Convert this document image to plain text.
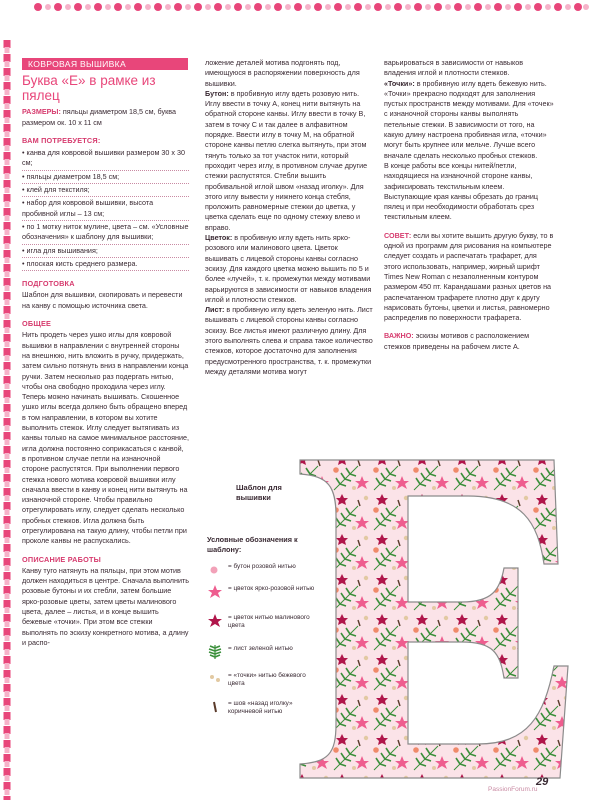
КОВРОВАЯ ВЫШИВКА
Буква «Е» в рамке из пялец
РАЗМЕРЫ: пяльцы диаметром 18,5 см, буква размером ок. 10 х 11 см
ВАМ ПОТРЕБУЕТСЯ:
• канва для ковровой вышивки размером 30 х 30 см;
• пяльцы диаметром 18,5 см;
• клей для текстиля;
• набор для ковровой вышивки, высота пробивной иглы – 13 см;
• по 1 мотку ниток мулине, цвета – см. «Условные обозначения» к шаблону для вышивки;
• игла для вышивания;
• плоская кисть среднего размера.
ПОДГОТОВКА

Шаблон для вышивки, скопировать и перевести на канву с помощью источника света.

ОБЩЕЕ

Нить продеть через ушко иглы для ковровой вышивки в направлении с внутренней стороны на внешнюю, нить вложить в ручку, придержать, затем сильно потянуть вниз в направлении конца ручки. Затем несколько раз подергать нитью, чтобы она свободно проходила через иглу. Теперь можно начинать вышивать. Скошенное ушко иглы всегда должно быть обращено вперед в том направлении, в котором вы хотите выполнить стежок. Иглу следует вытягивать из канвы только на самое минимальное расстояние, игла должна постоянно соприкасаться с канвой, в противном случае петли на изнаночной стороне распустятся. При выполнении первого стежка нового мотива ковровой вышивки иглу сначала ввести в канву и конец нити вытянуть на изнаночной стороне. Чтобы правильно отрегулировать иглу, следует сделать несколько пробных стежков. Игла должна быть отрегулирована на такую длину, чтобы петли при проколе канвы не распускались.

ОПИСАНИЕ РАБОТЫ

Канву туго натянуть на пяльцы, при этом мотив должен находиться в центре. Сначала выполнить розовые бутоны и их стебли, затем большие ярко-розовые цветы, затем цветы малинового цвета, далее – листья, и в конце вышить бежевые «точки». При этом все стежки выполнять по эскизу конкретного мотива, а длину и распо-

ложение деталей мотива подгонять под, имеющуюся в распоряжении поверхность для вышивки.

Бутон: в пробивную иглу вдеть розовую нить. Иглу ввести в точку А, конец нити вытянуть на обратной стороне канвы. Иглу ввести в точку В, затем в точку С и так далее в алфавитном порядке. Ввести иглу в точку М, на обратной стороне канвы петлю слегка вытянуть, при этом тянуть только за тот участок нити, который проходит через иглу, в противном случае другие стежки распустятся. Стебли вышить пробивальной иглой швом «назад иголку». Для этого иглу вывести у нижнего конца стебля, проложить равномерные стежки до цветка, у цветка сделать еще по одному стежку влево и вправо.

Цветок: в пробивную иглу вдеть нить ярко-розового или малинового цвета. Цветок вышивать с лицевой стороны канвы согласно эскизу. Для каждого цветка можно вышить по 5 и более «лучей», т. к. промежутки между мотивами варьируются в зависимости от навыков владения иглой и плотности стежков.

Лист: в пробивную иглу вдеть зеленую нить. Лист вышивать с лицевой стороны канвы согласно эскизу. Все листья имеют различную длину. Для этого выполнять слева и справа такое количество стежков, которое достаточно для заполнения предусмотренного пространства, т. к. промежутки между деталями мотива могут

варьироваться в зависимости от навыков владения иглой и плотности стежков.

«Точки»: в пробивную иглу вдеть бежевую нить. «Точки» прекрасно подходят для заполнения пустых пространств между мотивами. Для «точек» с изнаночной стороны канвы выполнять петельные стежки. В зависимости от того, на какую длину настроена пробивная игла, «точки» могут быть крупнее или мельче. Лучше всего вначале сделать несколько пробных стежков.

В конце работы все концы нитей/петли, находящиеся на изнаночной стороне канвы, зафиксировать текстильным клеем. Выступающие края канвы обрезать до границ пялец и при необходимости обработать срез текстильным клеем.

СОВЕТ: если вы хотите вышить другую букву, то в одной из программ для рисования на компьютере следует создать и распечатать трафарет, для этого использовать, например, жирный шрифт Times New Roman с незаполненным контуром размером 450 пт. Карандашами разных цветов на распечатанном трафарете плотно друг к другу нарисовать бутоны, цветки и листья, равномерно распределив по поверхности трафарета.

ВАЖНО: эскизы мотивов с расположением стежков приведены на рабочем листе А.

Шаблон для вышивки
Условные обозначения к шаблону:
= бутон розовой нитью
= цветок ярко-розовой нитью
= цветок нитью малинового цвета
= лист зеленой нитью
= «точки» нитью бежевого цвета
= шов «назад иголку» коричневой нитью
29
PassionForum.ru
